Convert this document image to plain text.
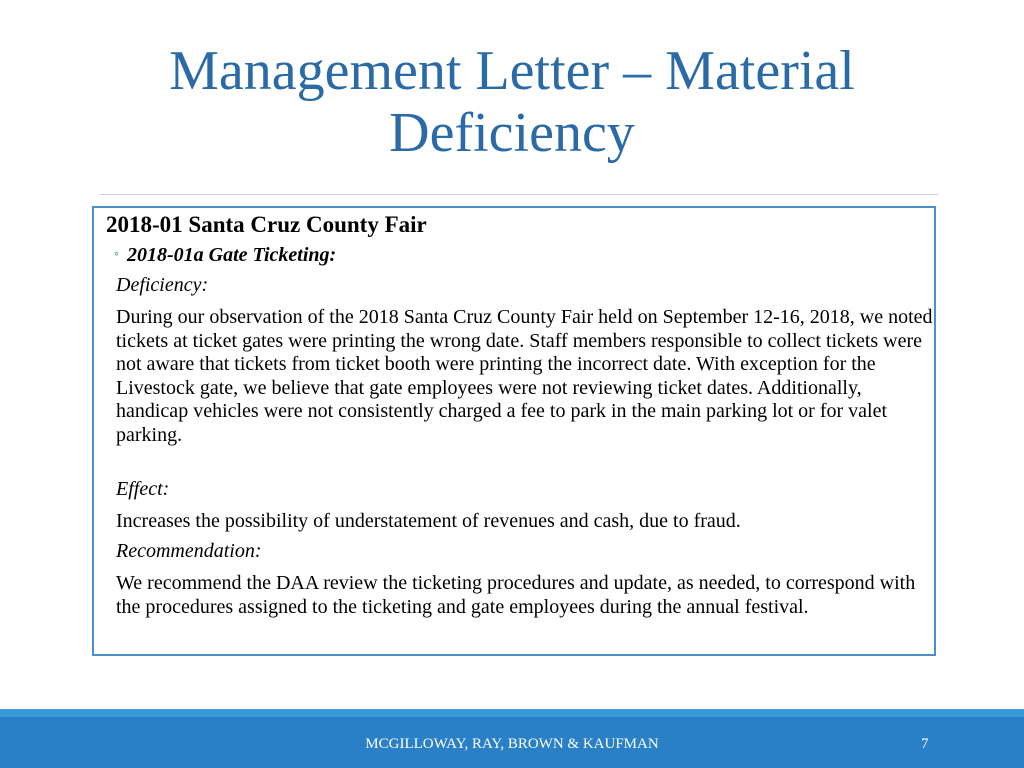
Management Letter – Material
Deficiency
2018-01 Santa Cruz County Fair
◦ 2018-01a Gate Ticketing:
Deficiency:
During our observation of the 2018 Santa Cruz County Fair held on September 12-16, 2018, we noted tickets at ticket gates were printing the wrong date. Staff members responsible to collect tickets were not aware that tickets from ticket booth were printing the incorrect date. With exception for the Livestock gate, we believe that gate employees were not reviewing ticket dates. Additionally, handicap vehicles were not consistently charged a fee to park in the main parking lot or for valet parking.
Effect:
Increases the possibility of understatement of revenues and cash, due to fraud.
Recommendation:
We recommend the DAA review the ticketing procedures and update, as needed, to correspond with the procedures assigned to the ticketing and gate employees during the annual festival.
MCGILLOWAY, RAY, BROWN & KAUFMAN	7
